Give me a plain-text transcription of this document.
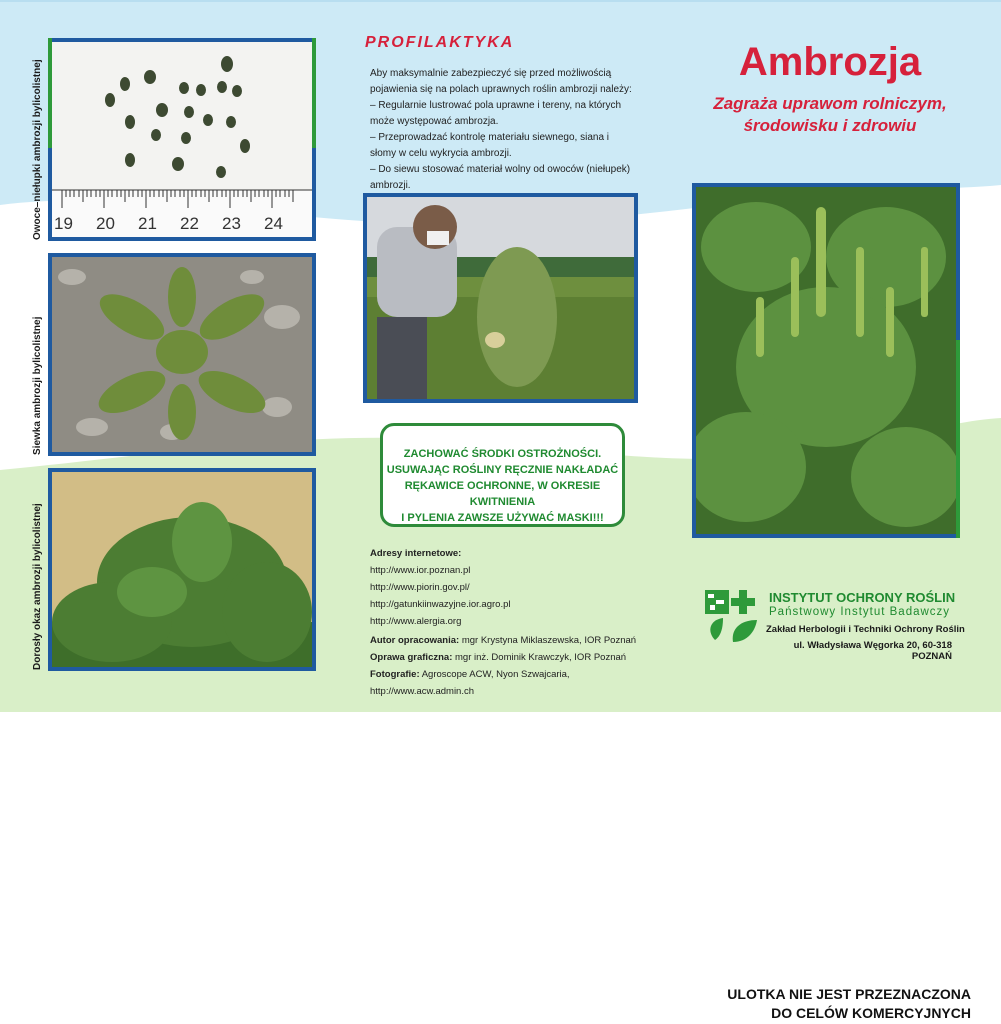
19 20 21 22 23 24
Owoce–niełupki ambrozji bylicolistnej
Siewka ambrozji bylicolistnej
Dorosły okaz ambrozji bylicolistnej
PROFILAKTYKA
Aby maksymalnie zabezpieczyć się przed możliwością pojawienia się na polach uprawnych roślin ambrozji należy:
– Regularnie lustrować pola uprawne i tereny, na których może występować ambrozja.
– Przeprowadzać kontrolę materiału siewnego, siana i słomy w celu wykrycia ambrozji.
– Do siewu stosować materiał wolny od owoców (niełupek) ambrozji.
ZACHOWAĆ ŚRODKI OSTROŻNOŚCI.
USUWAJĄC ROŚLINY RĘCZNIE NAKŁADAĆ
RĘKAWICE OCHRONNE, W OKRESIE KWITNIENIA
I PYLENIA ZAWSZE UŻYWAĆ MASKI!!!
Adresy internetowe:
http://www.ior.poznan.pl
http://www.piorin.gov.pl/
http://gatunkiinwazyjne.ior.agro.pl
http://www.alergia.org
Autor opracowania: mgr Krystyna Miklaszewska, IOR Poznań
Oprawa graficzna: mgr inż. Dominik Krawczyk, IOR Poznań
Fotografie: Agroscope ACW, Nyon Szwajcaria, http://www.acw.admin.ch
Ambrozja
Zagraża uprawom rolniczym,
środowisku i zdrowiu
INSTYTUT OCHRONY ROŚLIN
Państwowy Instytut Badawczy
Zakład Herbologii i Techniki Ochrony Roślin
ul. Władysława Węgorka 20, 60-318 POZNAŃ
ULOTKA NIE JEST PRZEZNACZONA
DO CELÓW KOMERCYJNYCH
